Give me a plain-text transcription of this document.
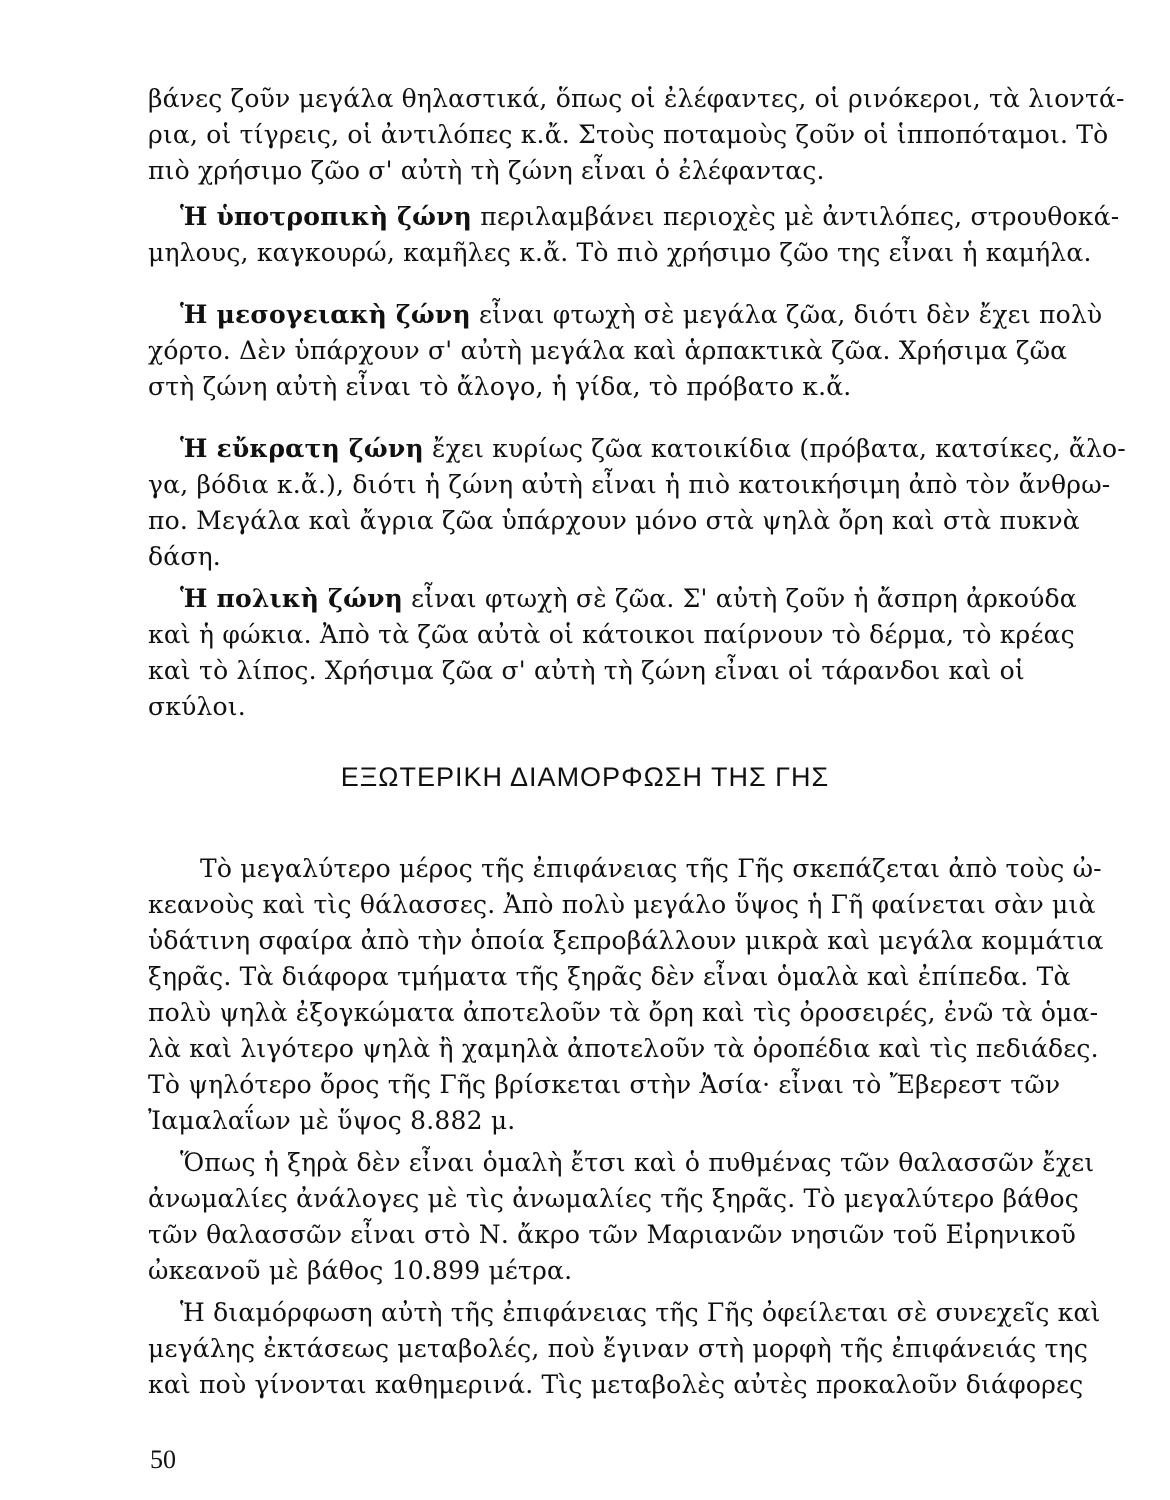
βάνες ζοῦν μεγάλα θηλαστικά, ὅπως οἱ ἐλέφαντες, οἱ ρινόκεροι, τὰ λιοντά-
ρια, οἱ τίγρεις, οἱ ἀντιλόπες κ.ἄ. Στοὺς ποταμοὺς ζοῦν οἱ ἱπποπόταμοι. Τὸ
πιὸ χρήσιμο ζῶο σ' αὐτὴ τὴ ζώνη εἶναι ὁ ἐλέφαντας.
Ἡ ὑποτροπικὴ ζώνη περιλαμβάνει περιοχὲς μὲ ἀντιλόπες, στρουθοκά-
μηλους, καγκουρώ, καμῆλες κ.ἄ. Τὸ πιὸ χρήσιμο ζῶο της εἶναι ἡ καμήλα.
Ἡ μεσογειακὴ ζώνη εἶναι φτωχὴ σὲ μεγάλα ζῶα, διότι δὲν ἔχει πολὺ
χόρτο. Δὲν ὑπάρχουν σ' αὐτὴ μεγάλα καὶ ἁρπακτικὰ ζῶα. Χρήσιμα ζῶα
στὴ ζώνη αὐτὴ εἶναι τὸ ἄλογο, ἡ γίδα, τὸ πρόβατο κ.ἄ.
Ἡ εὔκρατη ζώνη ἔχει κυρίως ζῶα κατοικίδια (πρόβατα, κατσίκες, ἄλο-
γα, βόδια κ.ἄ.), διότι ἡ ζώνη αὐτὴ εἶναι ἡ πιὸ κατοικήσιμη ἀπὸ τὸν ἄνθρω-
πο. Μεγάλα καὶ ἄγρια ζῶα ὑπάρχουν μόνο στὰ ψηλὰ ὄρη καὶ στὰ πυκνὰ
δάση.
Ἡ πολικὴ ζώνη εἶναι φτωχὴ σὲ ζῶα. Σ' αὐτὴ ζοῦν ἡ ἄσπρη ἀρκούδα
καὶ ἡ φώκια. Ἀπὸ τὰ ζῶα αὐτὰ οἱ κάτοικοι παίρνουν τὸ δέρμα, τὸ κρέας
καὶ τὸ λίπος. Χρήσιμα ζῶα σ' αὐτὴ τὴ ζώνη εἶναι οἱ τάρανδοι καὶ οἱ
σκύλοι.
ΕΞΩΤΕΡΙΚΗ ΔΙΑΜΟΡΦΩΣΗ ΤΗΣ ΓΗΣ
Τὸ μεγαλύτερο μέρος τῆς ἐπιφάνειας τῆς Γῆς σκεπάζεται ἀπὸ τοὺς ὠ-
κεανοὺς καὶ τὶς θάλασσες. Ἀπὸ πολὺ μεγάλο ὕψος ἡ Γῆ φαίνεται σὰν μιὰ
ὑδάτινη σφαίρα ἀπὸ τὴν ὁποία ξεπροβάλλουν μικρὰ καὶ μεγάλα κομμάτια
ξηρᾶς. Τὰ διάφορα τμήματα τῆς ξηρᾶς δὲν εἶναι ὁμαλὰ καὶ ἐπίπεδα. Τὰ
πολὺ ψηλὰ ἐξογκώματα ἀποτελοῦν τὰ ὄρη καὶ τὶς ὀροσειρές, ἐνῶ τὰ ὁμα-
λὰ καὶ λιγότερο ψηλὰ ἢ χαμηλὰ ἀποτελοῦν τὰ ὀροπέδια καὶ τὶς πεδιάδες.
Τὸ ψηλότερο ὄρος τῆς Γῆς βρίσκεται στὴν Ἀσία· εἶναι τὸ Ἔβερεστ τῶν
Ἰαμαλαΐων μὲ ὕψος 8.882 μ.
Ὅπως ἡ ξηρὰ δὲν εἶναι ὁμαλὴ ἔτσι καὶ ὁ πυθμένας τῶν θαλασσῶν ἔχει
ἀνωμαλίες ἀνάλογες μὲ τὶς ἀνωμαλίες τῆς ξηρᾶς. Τὸ μεγαλύτερο βάθος
τῶν θαλασσῶν εἶναι στὸ Ν. ἄκρο τῶν Μαριανῶν νησιῶν τοῦ Εἰρηνικοῦ
ὠκεανοῦ μὲ βάθος 10.899 μέτρα.
Ἡ διαμόρφωση αὐτὴ τῆς ἐπιφάνειας τῆς Γῆς ὀφείλεται σὲ συνεχεῖς καὶ
μεγάλης ἐκτάσεως μεταβολές, ποὺ ἔγιναν στὴ μορφὴ τῆς ἐπιφάνειάς της
καὶ ποὺ γίνονται καθημερινά. Τὶς μεταβολὲς αὐτὲς προκαλοῦν διάφορες
50
